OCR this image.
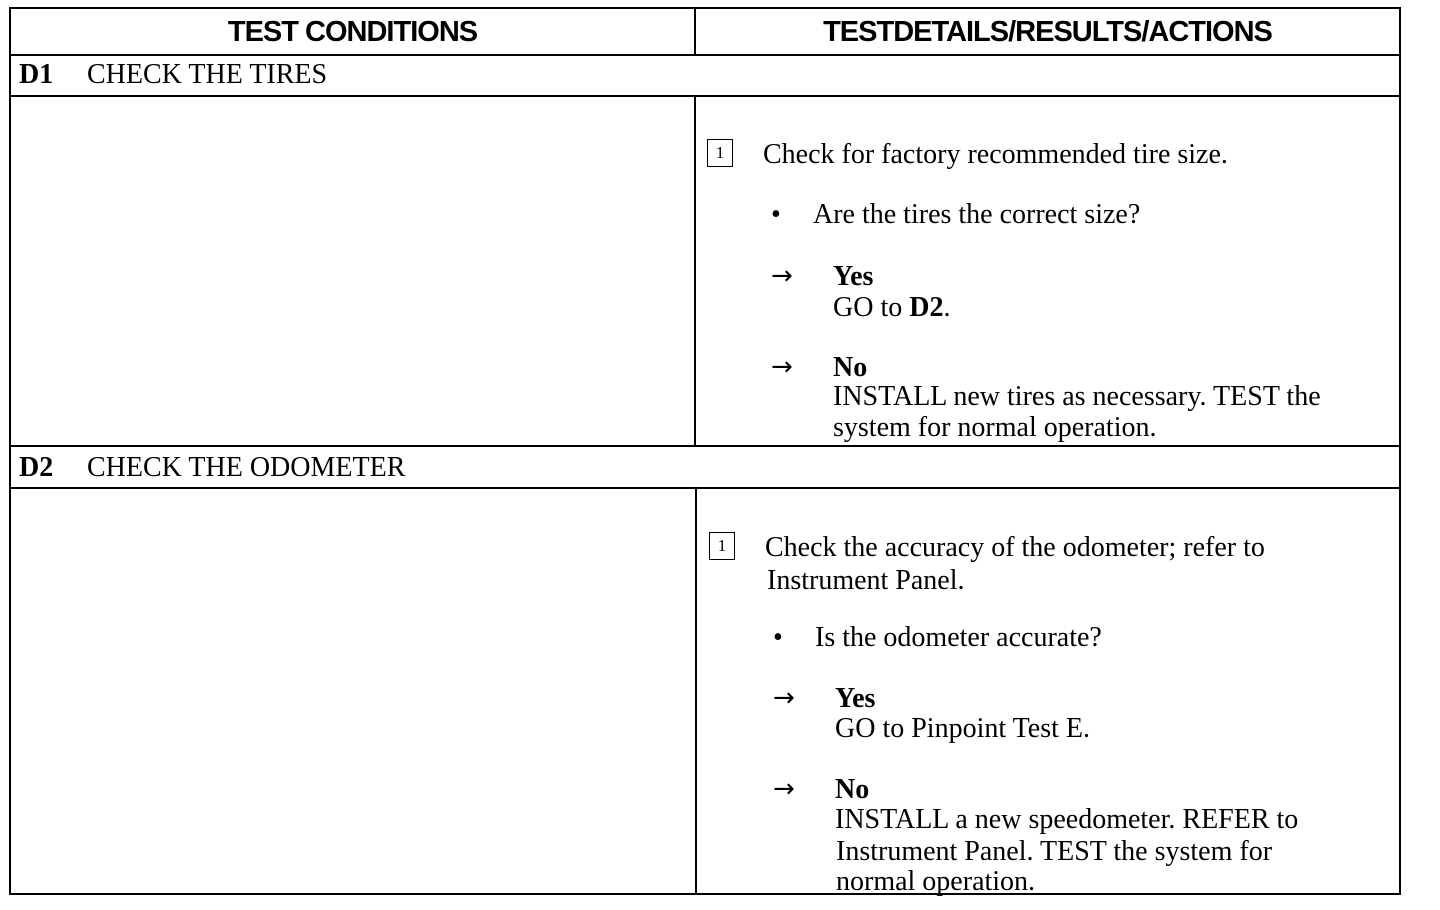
TEST CONDITIONS	TESTDETAILS/RESULTS/ACTIONS
D1 CHECK THE TIRES
1	Check for factory recommended tire size.
• Are the tires the correct size?
→ Yes
GO to D2.
→ No
INSTALL new tires as necessary. TEST the
system for normal operation.
D2 CHECK THE ODOMETER
1	Check the accuracy of the odometer; refer to
Instrument Panel.
• Is the odometer accurate?
→ Yes
GO to Pinpoint Test E.
→ No
INSTALL a new speedometer. REFER to
Instrument Panel. TEST the system for
normal operation.
